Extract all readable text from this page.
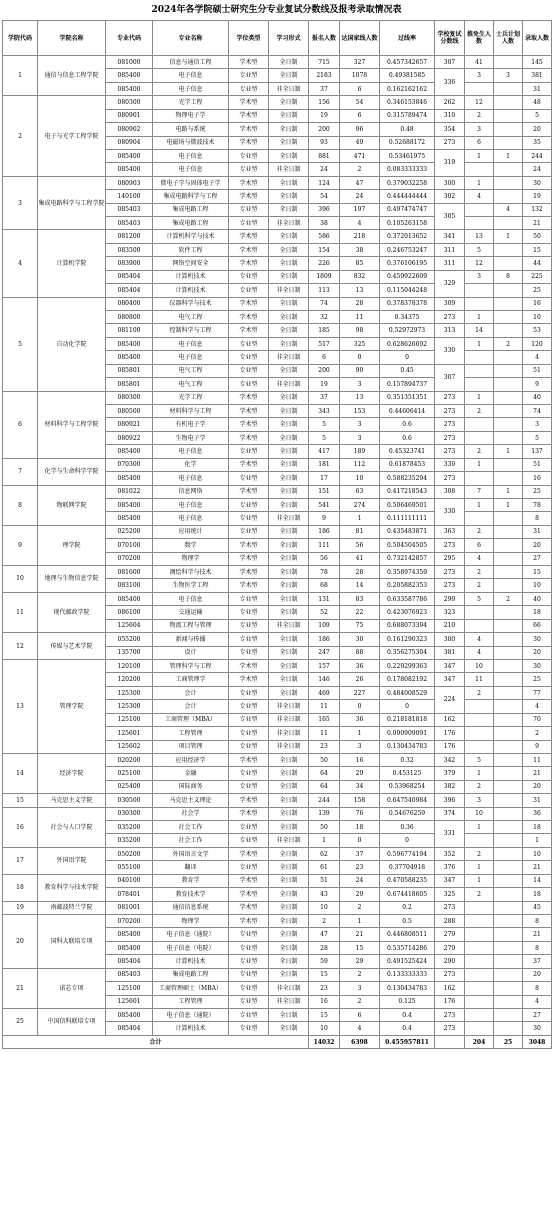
2024年各学院硕士研究生分专业复试分数线及报考录取情况表
学院代码	学院名称	专业代码	专业名称	学位类型	学习形式	报名人数	达国家线人数	过线率	学校复试分数线	推免生人数	士兵计划人数	录取人数
1	通信与信息工程学院	081000	信息与通信工程	学术型	全日制	715	327	0.457342657	307	41		145
		085400	电子信息	专业型	全日制	2183	1078	0.49381585	336	3	3	381
		085400	电子信息	专业型	非全日制	37	6	0.162162162				31
2	电子与光学工程学院	080300	光学工程	学术型	全日制	156	54	0.346153846	262	12		48
		080901	物理电子学	学术型	全日制	19	6	0.315789474	310	2		5
		080902	电路与系统	学术型	全日制	200	96	0.48	354	3		20
		080904	电磁场与微波技术	学术型	全日制	93	49	0.52688172	273	6		35
		085400	电子信息	专业型	全日制	881	471	0.53461975	319	1	1	244
		085400	电子信息	专业型	非全日制	24	2	0.083333333				24
3	集成电路科学与工程学院	080903	微电子学与固体电子学	学术型	全日制	124	47	0.379032258	300	1		30
		140100	集成电路科学与工程	学术型	全日制	54	24	0.444444444	302	4		19
		085403	集成电路工程	专业型	全日制	396	197	0.497474747	305		4	132
		085403	集成电路工程	专业型	非全日制	38	4	0.105263158				21
4	计算机学院	081200	计算机科学与技术	学术型	全日制	586	218	0.372013652	341	13	1	50
		083500	软件工程	学术型	全日制	154	38	0.246753247	311	5		15
		083900	网络空间安全	学术型	全日制	226	85	0.376106195	311	12		44
		085404	计算机技术	专业型	全日制	1809	832	0.459922609	329	3	8	225
		085404	计算机技术	专业型	非全日制	113	13	0.115044248				25
5	自动化学院	080400	仪器科学与技术	学术型	全日制	74	28	0.378378378	309			16
		080800	电气工程	学术型	全日制	32	11	0.34375	273	1		10
		081100	控制科学与工程	学术型	全日制	185	98	0.52972973	313	14		53
		085400	电子信息	专业型	全日制	517	325	0.628626692	330	1	2	120
		085400	电子信息	专业型	非全日制	6	0	0				4
		085801	电气工程	专业型	全日制	200	90	0.45	307			51
		085801	电气工程	专业型	非全日制	19	3	0.157894737				9
6	材料科学与工程学院	080300	光学工程	学术型	全日制	37	13	0.351351351	273	1		40
		080500	材料科学与工程	学术型	全日制	343	153	0.44606414	273	2		74
		080921	有机电子学	学术型	全日制	5	3	0.6	273			3
		080922	生物电子学	学术型	全日制	5	3	0.6	273			5
		085400	电子信息	专业型	全日制	417	189	0.45323741	273	2	1	137
7	化学与生命科学学院	070300	化学	学术型	全日制	181	112	0.61878453	339	1		51
		085400	电子信息	专业型	全日制	17	10	0.588235294	273			16
8	物联网学院	081022	信息网络	学术型	全日制	151	63	0.417218543	308	7	1	25
		085400	电子信息	专业型	全日制	541	274	0.506469501	330	1	1	78
		085400	电子信息	专业型	非全日制	9	1	0.111111111				8
9	理学院	025200	应用统计	专业型	全日制	186	81	0.435483871	363	2		31
		070100	数学	学术型	全日制	111	56	0.504504505	273	6		20
		070200	物理学	学术型	全日制	56	41	0.732142857	295	4		27
10	地理与生物信息学院	081600	测绘科学与技术	学术型	全日制	78	28	0.358974359	273	2		15
		083100	生物医学工程	学术型	全日制	68	14	0.205882353	273	2		10
11	现代邮政学院	085400	电子信息	专业型	全日制	131	83	0.633587786	299	5	2	40
		086100	交通运输	专业型	全日制	52	22	0.423076923	323			18
		125604	物流工程与管理	专业型	非全日制	109	75	0.688073394	210			66
12	传媒与艺术学院	055200	新闻与传播	专业型	全日制	186	30	0.161290323	380	4		30
		135700	设计	专业型	全日制	247	88	0.356275304	381	4		20
13	管理学院	120100	管理科学与工程	学术型	全日制	157	36	0.229299363	347	10		30
		120200	工商管理学	学术型	全日制	146	26	0.178082192	347	11		25
		125300	会计	专业型	全日制	469	227	0.484008529	224	2		77
		125300	会计	专业型	非全日制	11	0	0				4
		125100	工商管理（MBA）	专业型	非全日制	165	36	0.218181818	162			70
		125601	工程管理	专业型	非全日制	11	1	0.090909091	176			2
		125602	项目管理	专业型	非全日制	23	3	0.130434783	176			9
14	经济学院	020200	应用经济学	学术型	全日制	50	16	0.32	342	5		11
		025100	金融	专业型	全日制	64	29	0.453125	379	1		21
		025400	国际商务	专业型	全日制	64	34	0.53968254	382	2		20
15	马克思主义学院	030500	马克思主义理论	学术型	全日制	244	158	0.647540984	396	3		31
16	社会与人口学院	030300	社会学	学术型	全日制	139	76	0.54676259	374	10		36
		035200	社会工作	专业型	全日制	50	18	0.36	331	1		18
		035200	社会工作	专业型	非全日制	1	0	0				1
17	外国语学院	050200	外国语言文学	学术型	全日制	62	37	0.596774194	352	2		10
		055100	翻译	专业型	全日制	61	23	0.37704918	376	1		21
18	教育科学与技术学院	040100	教育学	学术型	全日制	51	24	0.470588235	347	1		14
		078401	教育技术学	学术型	全日制	43	29	0.674418605	325	2		18
19	南邮波特兰学院	081001	通信信息系统	学术型	全日制	10	2	0.2	273			45
20	国科大联培专项	070200	物理学	学术型	全日制	2	1	0.5	288			8
		085400	电子信息（通院）	专业型	全日制	47	21	0.446808511	279			21
		085400	电子信息（电院）	专业型	全日制	28	15	0.535714286	279			8
		085404	计算机技术	专业型	全日制	59	29	0.491525424	290			37
21	诺芯专项	085403	集成电路工程	专业型	全日制	15	2	0.133333333	273			20
		125100	工商管理硕士（MBA）	专业型	非全日制	23	3	0.130434783	162			8
		125601	工程管理	专业型	非全日制	16	2	0.125	176			4
25	中国信科联培专项	085400	电子信息（通院）	专业型	全日制	15	6	0.4	273			27
		085404	计算机技术	专业型	全日制	10	4	0.4	273			30
合计						14032	6398	0.455957811		204	25	3048
